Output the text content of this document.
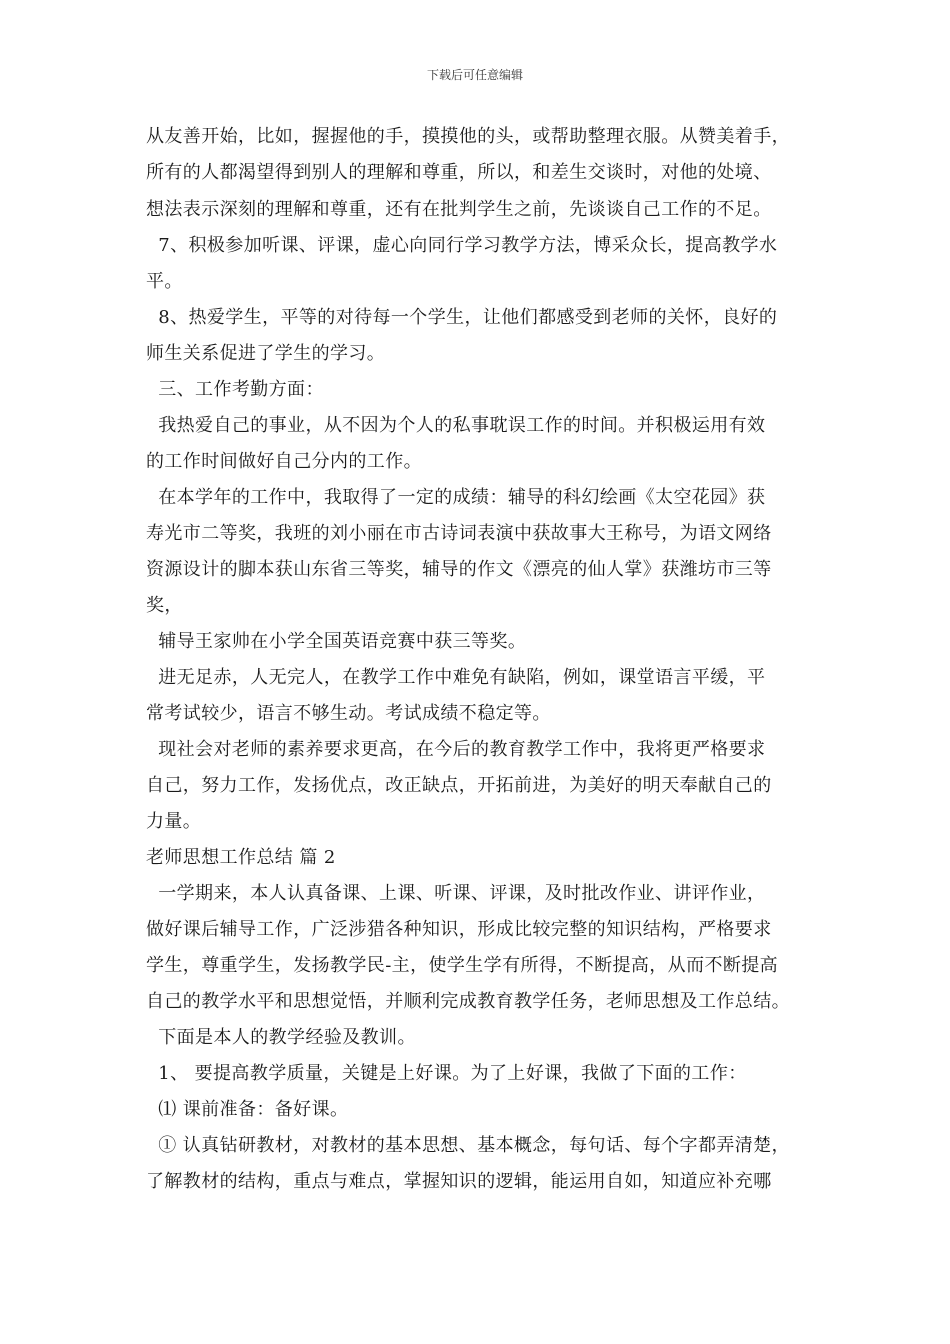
下载后可任意编辑
从友善开始，比如，握握他的手，摸摸他的头，或帮助整理衣服。从赞美着手，
所有的人都渴望得到别人的理解和尊重，所以，和差生交谈时，对他的处境、
想法表示深刻的理解和尊重，还有在批判学生之前，先谈谈自己工作的不足。
7、积极参加听课、评课，虚心向同行学习教学方法，博采众长，提高教学水
平。
8、热爱学生，平等的对待每一个学生，让他们都感受到老师的关怀，良好的
师生关系促进了学生的学习。
三、工作考勤方面：
我热爱自己的事业，从不因为个人的私事耽误工作的时间。并积极运用有效
的工作时间做好自己分内的工作。
在本学年的工作中，我取得了一定的成绩：辅导的科幻绘画《太空花园》获
寿光市二等奖，我班的刘小丽在市古诗词表演中获故事大王称号，为语文网络
资源设计的脚本获山东省三等奖，辅导的作文《漂亮的仙人掌》获潍坊市三等
奖，
辅导王家帅在小学全国英语竞赛中获三等奖。
进无足赤，人无完人，在教学工作中难免有缺陷，例如，课堂语言平缓，平
常考试较少，语言不够生动。考试成绩不稳定等。
现社会对老师的素养要求更高，在今后的教育教学工作中，我将更严格要求
自己，努力工作，发扬优点，改正缺点，开拓前进，为美好的明天奉献自己的
力量。
老师思想工作总结 篇 2
一学期来，本人认真备课、上课、听课、评课，及时批改作业、讲评作业，
做好课后辅导工作，广泛涉猎各种知识，形成比较完整的知识结构，严格要求
学生，尊重学生，发扬教学民-主，使学生学有所得，不断提高，从而不断提高
自己的教学水平和思想觉悟，并顺利完成教育教学任务，老师思想及工作总结。
下面是本人的教学经验及教训。
1、 要提高教学质量，关键是上好课。为了上好课，我做了下面的工作：
⑴ 课前准备：备好课。
① 认真钻研教材，对教材的基本思想、基本概念，每句话、每个字都弄清楚，
了解教材的结构，重点与难点，掌握知识的逻辑，能运用自如，知道应补充哪
